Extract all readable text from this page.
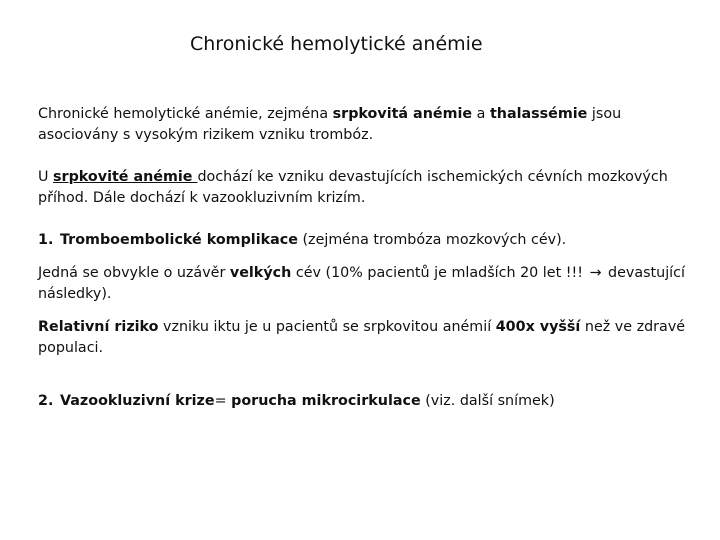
Chronické hemolytické anémie

Chronické hemolytické anémie, zejména srpkovitá anémie a thalassémie jsou asociovány s vysokým rizikem vzniku trombóz.

U srpkovité anémie dochází ke vzniku devastujících ischemických cévních mozkových příhod. Dále dochází k vazookluzivním krizím.

1. Tromboembolické komplikace (zejména trombóza mozkových cév).

Jedná se obvykle o uzávěr velkých cév (10% pacientů je mladších 20 let !!! → devastující následky).

Relativní riziko vzniku iktu je u pacientů se srpkovitou anémií 400x vyšší než ve zdravé populaci.

2. Vazookluzivní krize= porucha mikrocirkulace (viz. další snímek)
